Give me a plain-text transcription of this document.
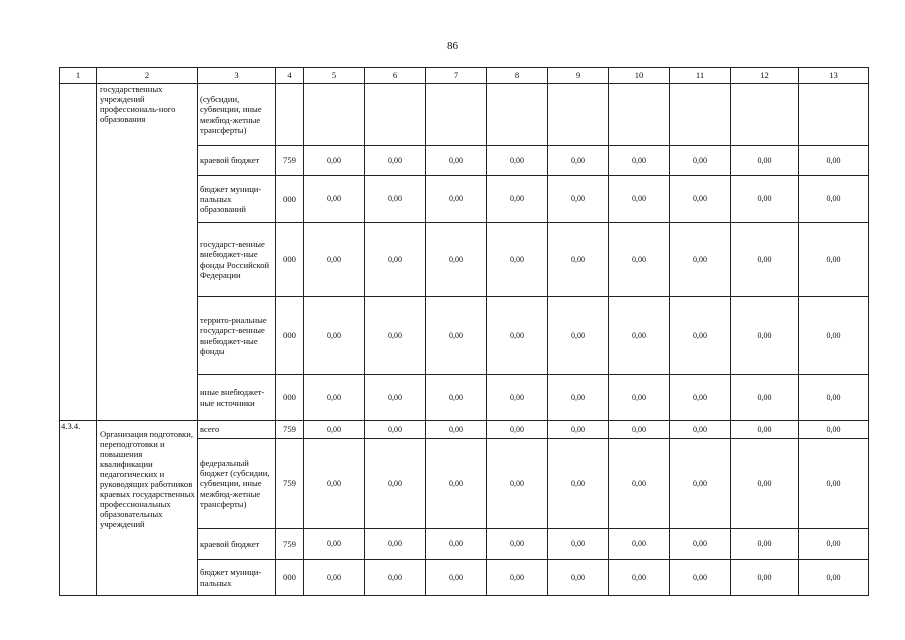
86
1	2	3	4	5	6	7	8	9	10	11	12	13

	государственных учреждений профессиональ-ного образования	(субсидии, субвенции, иные межбюд-жетные трансферты)										
		краевой бюджет	759	0,00	0,00	0,00	0,00	0,00	0,00	0,00	0,00	0,00
		бюджет муници-пальных образований	000	0,00	0,00	0,00	0,00	0,00	0,00	0,00	0,00	0,00
		государст-венные внебюджет-ные фонды Российской Федерации	000	0,00	0,00	0,00	0,00	0,00	0,00	0,00	0,00	0,00
		террито-риальные государст-венные внебюджет-ные фонды	000	0,00	0,00	0,00	0,00	0,00	0,00	0,00	0,00	0,00
		иные внебюджет-ные источники	000	0,00	0,00	0,00	0,00	0,00	0,00	0,00	0,00	0,00
4.3.4.	Организация подготовки, переподготовки и повышения квалификации педагогических и руководящих работников краевых государственных профессиональных образовательных учреждений	всего	759	0,00	0,00	0,00	0,00	0,00	0,00	0,00	0,00	0,00
		федеральный бюджет (субсидии, субвенции, иные межбюд-жетные трансферты)	759	0,00	0,00	0,00	0,00	0,00	0,00	0,00	0,00	0,00
		краевой бюджет	759	0,00	0,00	0,00	0,00	0,00	0,00	0,00	0,00	0,00
		бюджет муници-пальных	000	0,00	0,00	0,00	0,00	0,00	0,00	0,00	0,00	0,00
